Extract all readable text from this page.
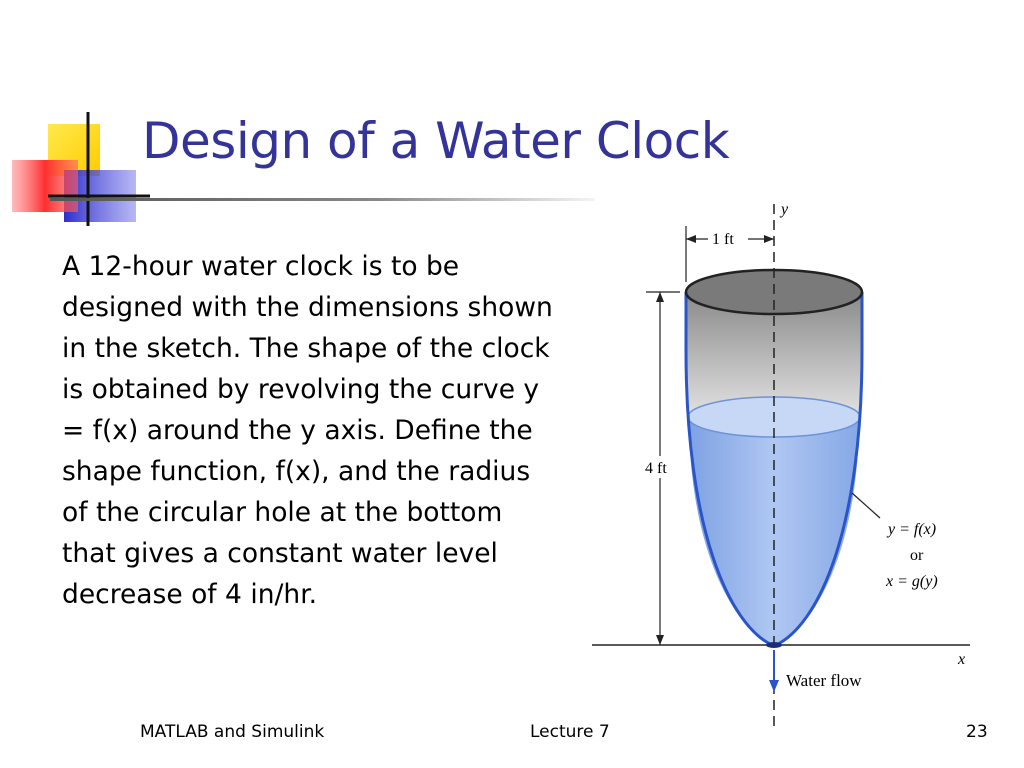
Design of a Water Clock

A 12-hour water clock is to be designed with the dimensions shown in the sketch. The shape of the clock is obtained by revolving the curve y = f(x) around the y axis. Define the shape function, f(x), and the radius of the circular hole at the bottom that gives a constant water level decrease of 4 in/hr.

y
x
1 ft
4 ft
y = f(x)
or
x = g(y)
Water flow
MATLAB and Simulink	Lecture 7	23
